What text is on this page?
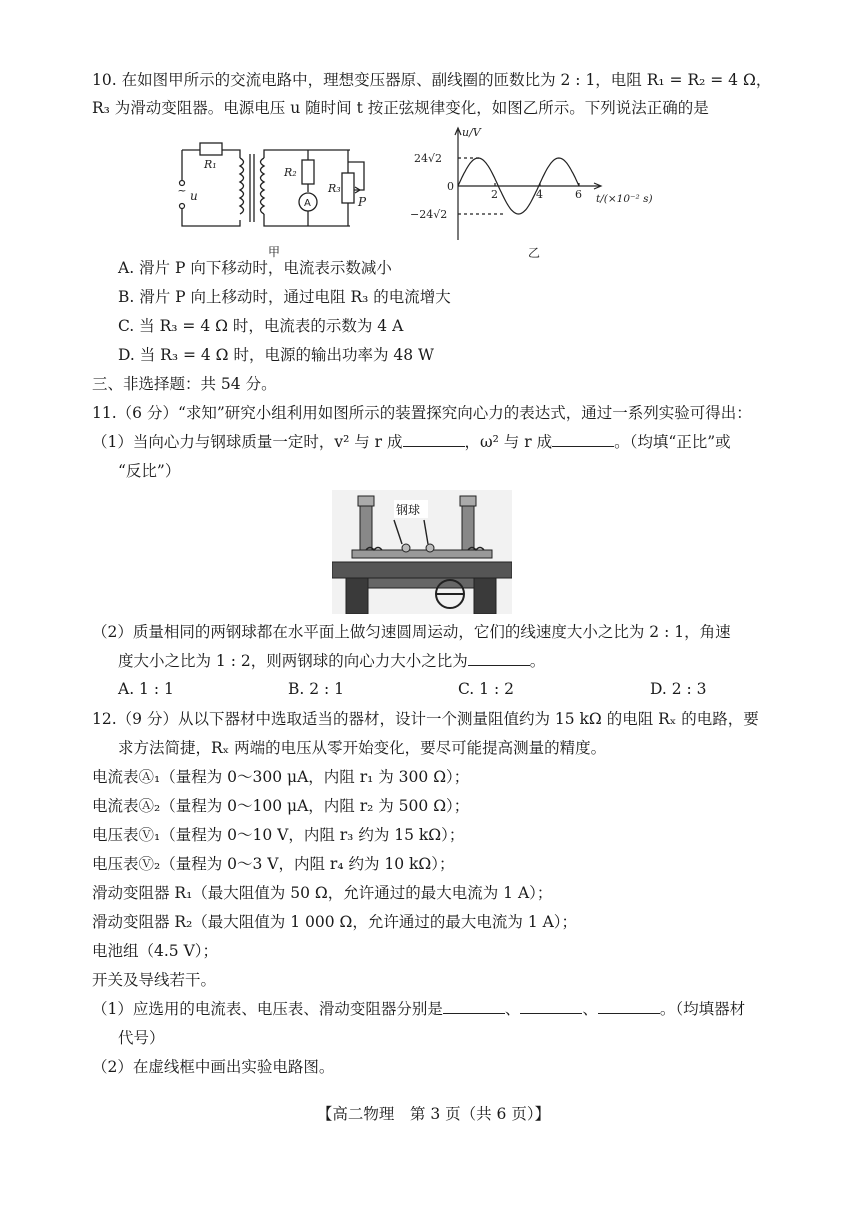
10. 在如图甲所示的交流电路中，理想变压器原、副线圈的匝数比为 2 : 1，电阻 R₁ = R₂ = 4 Ω，
R₃ 为滑动变阻器。电源电压 u 随时间 t 按正弦规律变化，如图乙所示。下列说法正确的是
~ u
R₁
R₂
R₃
P
A
甲
u/V
24√2
−24√2
0
2	4	6 t/(×10⁻² s)
乙
A. 滑片 P 向下移动时，电流表示数减小
B. 滑片 P 向上移动时，通过电阻 R₃ 的电流增大
C. 当 R₃ = 4 Ω 时，电流表的示数为 4 A
D. 当 R₃ = 4 Ω 时，电源的输出功率为 48 W
三、非选择题：共 54 分。
11.（6 分）“求知”研究小组利用如图所示的装置探究向心力的表达式，通过一系列实验可得出：
（1）当向心力与钢球质量一定时，v² 与 r 成	，ω² 与 r 成	。（均填“正比”或
“反比”）
钢球
（2）质量相同的两钢球都在水平面上做匀速圆周运动，它们的线速度大小之比为 2 : 1，角速
度大小之比为 1 : 2，则两钢球的向心力大小之比为	。
A. 1 : 1	B. 2 : 1	C. 1 : 2	D. 2 : 3
12.（9 分）从以下器材中选取适当的器材，设计一个测量阻值约为 15 kΩ 的电阻 Rₓ 的电路，要
求方法简捷，Rₓ 两端的电压从零开始变化，要尽可能提高测量的精度。
电流表Ⓐ₁（量程为 0～300 μA，内阻 r₁ 为 300 Ω）；
电流表Ⓐ₂（量程为 0～100 μA，内阻 r₂ 为 500 Ω）；
电压表Ⓥ₁（量程为 0～10 V，内阻 r₃ 约为 15 kΩ）；
电压表Ⓥ₂（量程为 0～3 V，内阻 r₄ 约为 10 kΩ）；
滑动变阻器 R₁（最大阻值为 50 Ω，允许通过的最大电流为 1 A）；
滑动变阻器 R₂（最大阻值为 1 000 Ω，允许通过的最大电流为 1 A）；
电池组（4.5 V）；
开关及导线若干。
（1）应选用的电流表、电压表、滑动变阻器分别是	、	、	。（均填器材
代号）
（2）在虚线框中画出实验电路图。
【高二物理　第 3 页（共 6 页）】
